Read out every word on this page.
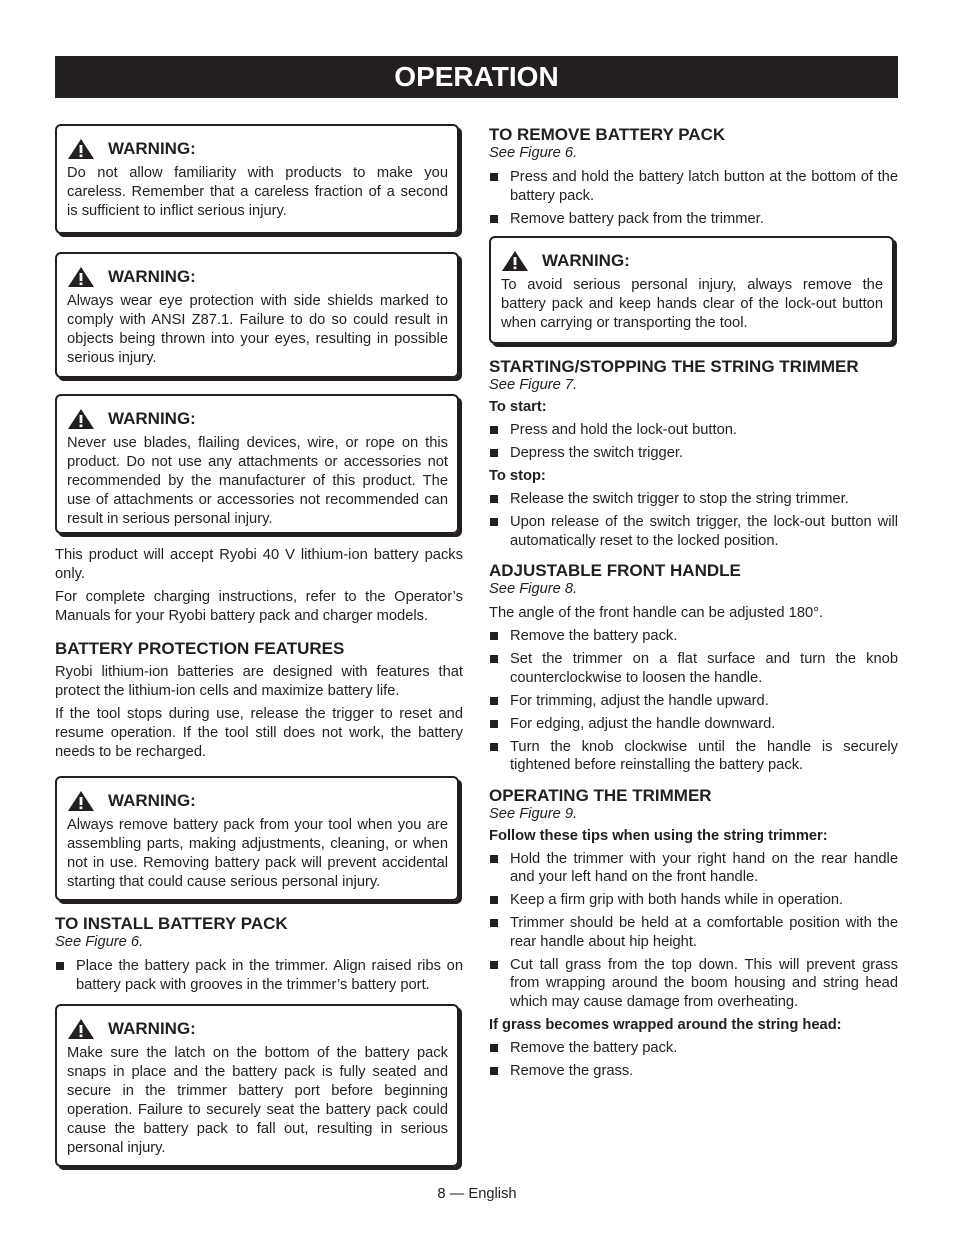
OPERATION
WARNING:
Do not allow familiarity with products to make you careless. Remember that a careless fraction of a second is sufficient to inflict serious injury.
WARNING:
Always wear eye protection with side shields marked to comply with ANSI Z87.1. Failure to do so could result in objects being thrown into your eyes, resulting in possible serious injury.
WARNING:
Never use blades, flailing devices, wire, or rope on this product. Do not use any attachments or accessories not recommended by the manufacturer of this product. The use of attachments or accessories not recommended can result in serious personal injury.

This product will accept Ryobi 40 V lithium-ion battery packs only.

For complete charging instructions, refer to the Operator’s Manuals for your Ryobi battery pack and charger models.

BATTERY PROTECTION FEATURES

Ryobi lithium-ion batteries are designed with features that protect the lithium-ion cells and maximize battery life.

If the tool stops during use, release the trigger to reset and resume operation. If the tool still does not work, the battery needs to be recharged.

WARNING:
Always remove battery pack from your tool when you are assembling parts, making adjustments, cleaning, or when not in use. Removing battery pack will prevent accidental starting that could cause serious personal injury.
TO INSTALL BATTERY PACK
See Figure 6.
Place the battery pack in the trimmer. Align raised ribs on battery pack with grooves in the trimmer’s battery port.
WARNING:
Make sure the latch on the bottom of the battery pack snaps in place and the battery pack is fully seated and secure in the trimmer battery port before beginning operation. Failure to securely seat the battery pack could cause the battery pack to fall out, resulting in serious personal injury.
TO REMOVE BATTERY PACK
See Figure 6.
Press and hold the battery latch button at the bottom of the battery pack.
Remove battery pack from the trimmer.
WARNING:
To avoid serious personal injury, always remove the battery pack and keep hands clear of the lock-out button when carrying or transporting the tool.
STARTING/STOPPING THE STRING TRIMMER
See Figure 7.
To start:
Press and hold the lock-out button.
Depress the switch trigger.
To stop:
Release the switch trigger to stop the string trimmer.
Upon release of the switch trigger, the lock-out button will automatically reset to the locked position.
ADJUSTABLE FRONT HANDLE
See Figure 8.

The angle of the front handle can be adjusted 180°.

Remove the battery pack.
Set the trimmer on a flat surface and turn the knob counterclockwise to loosen the handle.
For trimming, adjust the handle upward.
For edging, adjust the handle downward.
Turn the knob clockwise until the handle is securely tightened before reinstalling the battery pack.
OPERATING THE TRIMMER
See Figure 9.
Follow these tips when using the string trimmer:
Hold the trimmer with your right hand on the rear handle and your left hand on the front handle.
Keep a firm grip with both hands while in operation.
Trimmer should be held at a comfortable position with the rear handle about hip height.
Cut tall grass from the top down. This will prevent grass from wrapping around the boom housing and string head which may cause damage from overheating.
If grass becomes wrapped around the string head:
Remove the battery pack.
Remove the grass.
8 — English
